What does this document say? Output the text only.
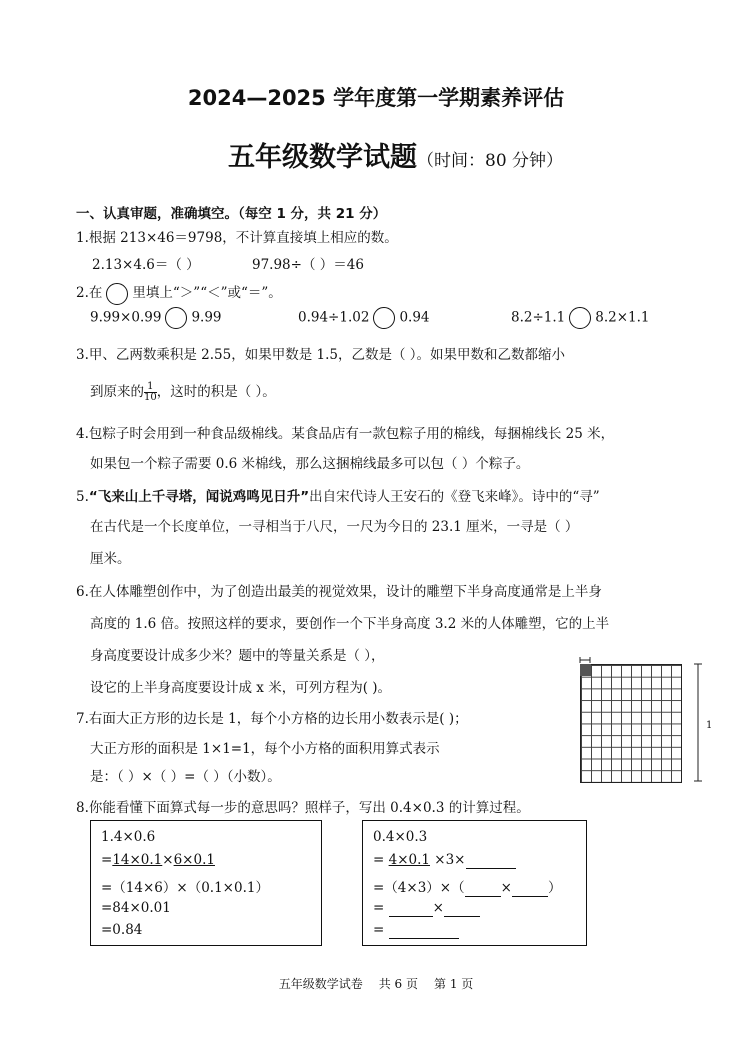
2024—2025 学年度第一学期素养评估
五年级数学试题（时间：80 分钟）
一、认真审题，准确填空。（每空 1 分，共 21 分）
1.根据 213×46＝9798，不计算直接填上相应的数。
2.13×4.6＝（ ）	97.98÷（ ）＝46
2.在 里填上“＞”“＜”或“＝”。
9.99×0.99 9.99	0.94÷1.02 0.94	8.2÷1.1 8.2×1.1
3.甲、乙两数乘积是 2.55，如果甲数是 1.5，乙数是（ ）。如果甲数和乙数都缩小
到原来的 $\frac{1}{10}$ ，这时的积是（ ）。
4.包粽子时会用到一种食品级棉线。某食品店有一款包粽子用的棉线，每捆棉线长 25 米，
如果包一个粽子需要 0.6 米棉线，那么这捆棉线最多可以包（ ）个粽子。
5.“飞来山上千寻塔，闻说鸡鸣见日升”出自宋代诗人王安石的《登飞来峰》。诗中的“寻”
在古代是一个长度单位，一寻相当于八尺，一尺为今日的 23.1 厘米，一寻是（ ）
厘米。
6.在人体雕塑创作中，为了创造出最美的视觉效果，设计的雕塑下半身高度通常是上半身
高度的 1.6 倍。按照这样的要求，要创作一个下半身高度 3.2 米的人体雕塑，它的上半
身高度要设计成多少米？题中的等量关系是（ ），
设它的上半身高度要设计成 x 米，可列方程为( )。
7.右面大正方形的边长是 1，每个小方格的边长用小数表示是( )；
大正方形的面积是 1×1=1，每个小方格的面积用算式表示
是：（ ）×（ ）=（ ）（小数）。
1
8.你能看懂下面算式每一步的意思吗？照样子，写出 0.4×0.3 的计算过程。
1.4×0.6
=14×0.1×6×0.1
=（14×6）×（0.1×0.1）
=84×0.01
=0.84
0.4×0.3
= 4×0.1 ×3×
=（4×3）×（	×	）
=	×
=
五年级数学试卷 共 6 页 第 1 页
